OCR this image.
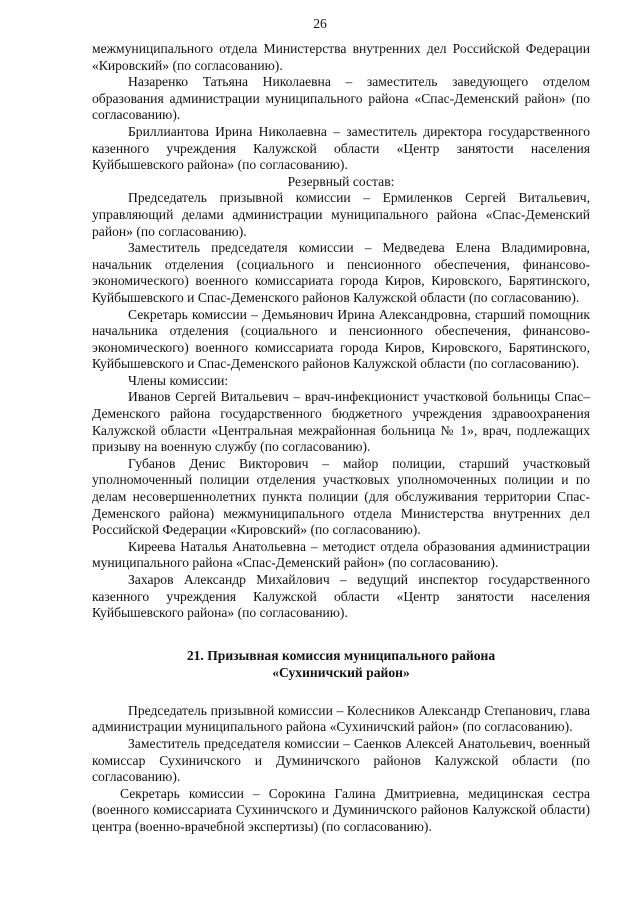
26

межмуниципального отдела Министерства внутренних дел Российской Федерации «Кировский» (по согласованию).

Назаренко Татьяна Николаевна – заместитель заведующего отделом образования администрации муниципального района «Спас-Деменский район» (по согласованию).

Бриллиантова Ирина Николаевна – заместитель директора государственного казенного учреждения Калужской области «Центр занятости населения Куйбышевского района» (по согласованию).

Резервный состав:

Председатель призывной комиссии – Ермиленков Сергей Витальевич, управляющий делами администрации муниципального района «Спас-Деменский район» (по согласованию).

Заместитель председателя комиссии – Медведева Елена Владимировна, начальник отделения (социального и пенсионного обеспечения, финансово-экономического) военного комиссариата города Киров, Кировского, Барятинского, Куйбышевского и Спас-Деменского районов Калужской области (по согласованию).

Секретарь комиссии – Демьянович Ирина Александровна, старший помощник начальника отделения (социального и пенсионного обеспечения, финансово-экономического) военного комиссариата города Киров, Кировского, Барятинского, Куйбышевского и Спас-Деменского районов Калужской области (по согласованию).

Члены комиссии:

Иванов Сергей Витальевич – врач-инфекционист участковой больницы Спас–Деменского района государственного бюджетного учреждения здравоохранения Калужской области «Центральная межрайонная больница № 1», врач, подлежащих призыву на военную службу (по согласованию).

Губанов Денис Викторович – майор полиции, старший участковый уполномоченный полиции отделения участковых уполномоченных полиции и по делам несовершеннолетних пункта полиции (для обслуживания территории Спас-Деменского района) межмуниципального отдела Министерства внутренних дел Российской Федерации «Кировский» (по согласованию).

Киреева Наталья Анатольевна – методист отдела образования администрации муниципального района «Спас-Деменский район» (по согласованию).

Захаров Александр Михайлович – ведущий инспектор государственного казенного учреждения Калужской области «Центр занятости населения Куйбышевского района» (по согласованию).

21. Призывная комиссия муниципального района

«Сухиничский район»

Председатель призывной комиссии – Колесников Александр Степанович, глава администрации муниципального района «Сухиничский район» (по согласованию).

Заместитель председателя комиссии – Саенков Алексей Анатольевич, военный комиссар Сухиничского и Думиничского районов Калужской области (по согласованию).

Секретарь комиссии – Сорокина Галина Дмитриевна, медицинская сестра (военного комиссариата Сухиничского и Думиничского районов Калужской области) центра (военно-врачебной экспертизы) (по согласованию).
